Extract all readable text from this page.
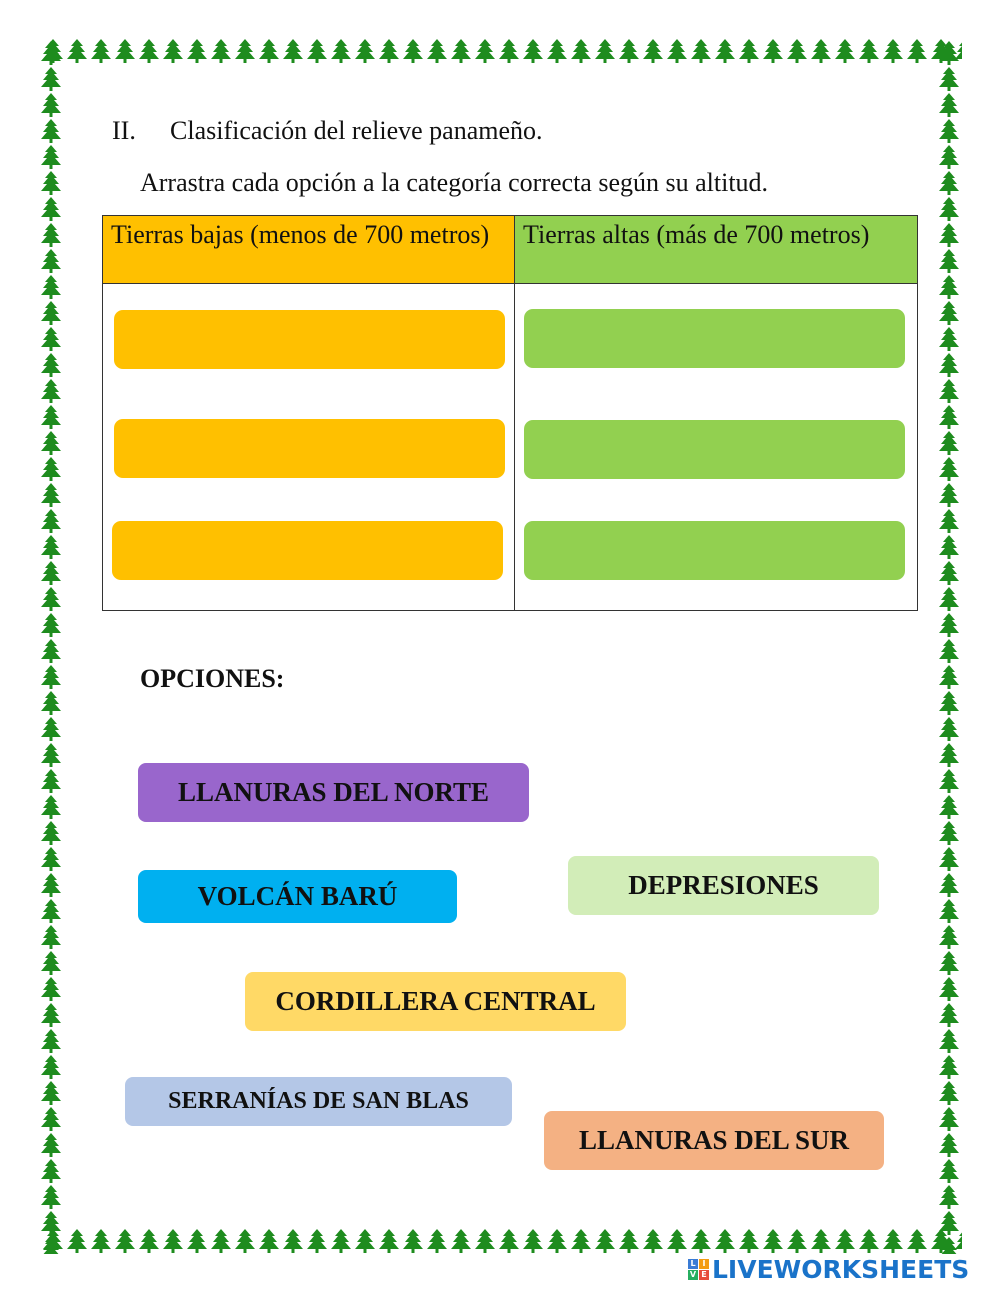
II. Clasificación del relieve panameño.
Arrastra cada opción a la categoría correcta según su altitud.
Tierras bajas (menos de 700 metros)	Tierras altas (más de 700 metros)
OPCIONES:
LLANURAS DEL NORTE
VOLCÁN BARÚ	DEPRESIONES
CORDILLERA CENTRAL
SERRANÍAS DE SAN BLAS
LLANURAS DEL SUR
L I
V E LIVEWORKSHEETS
